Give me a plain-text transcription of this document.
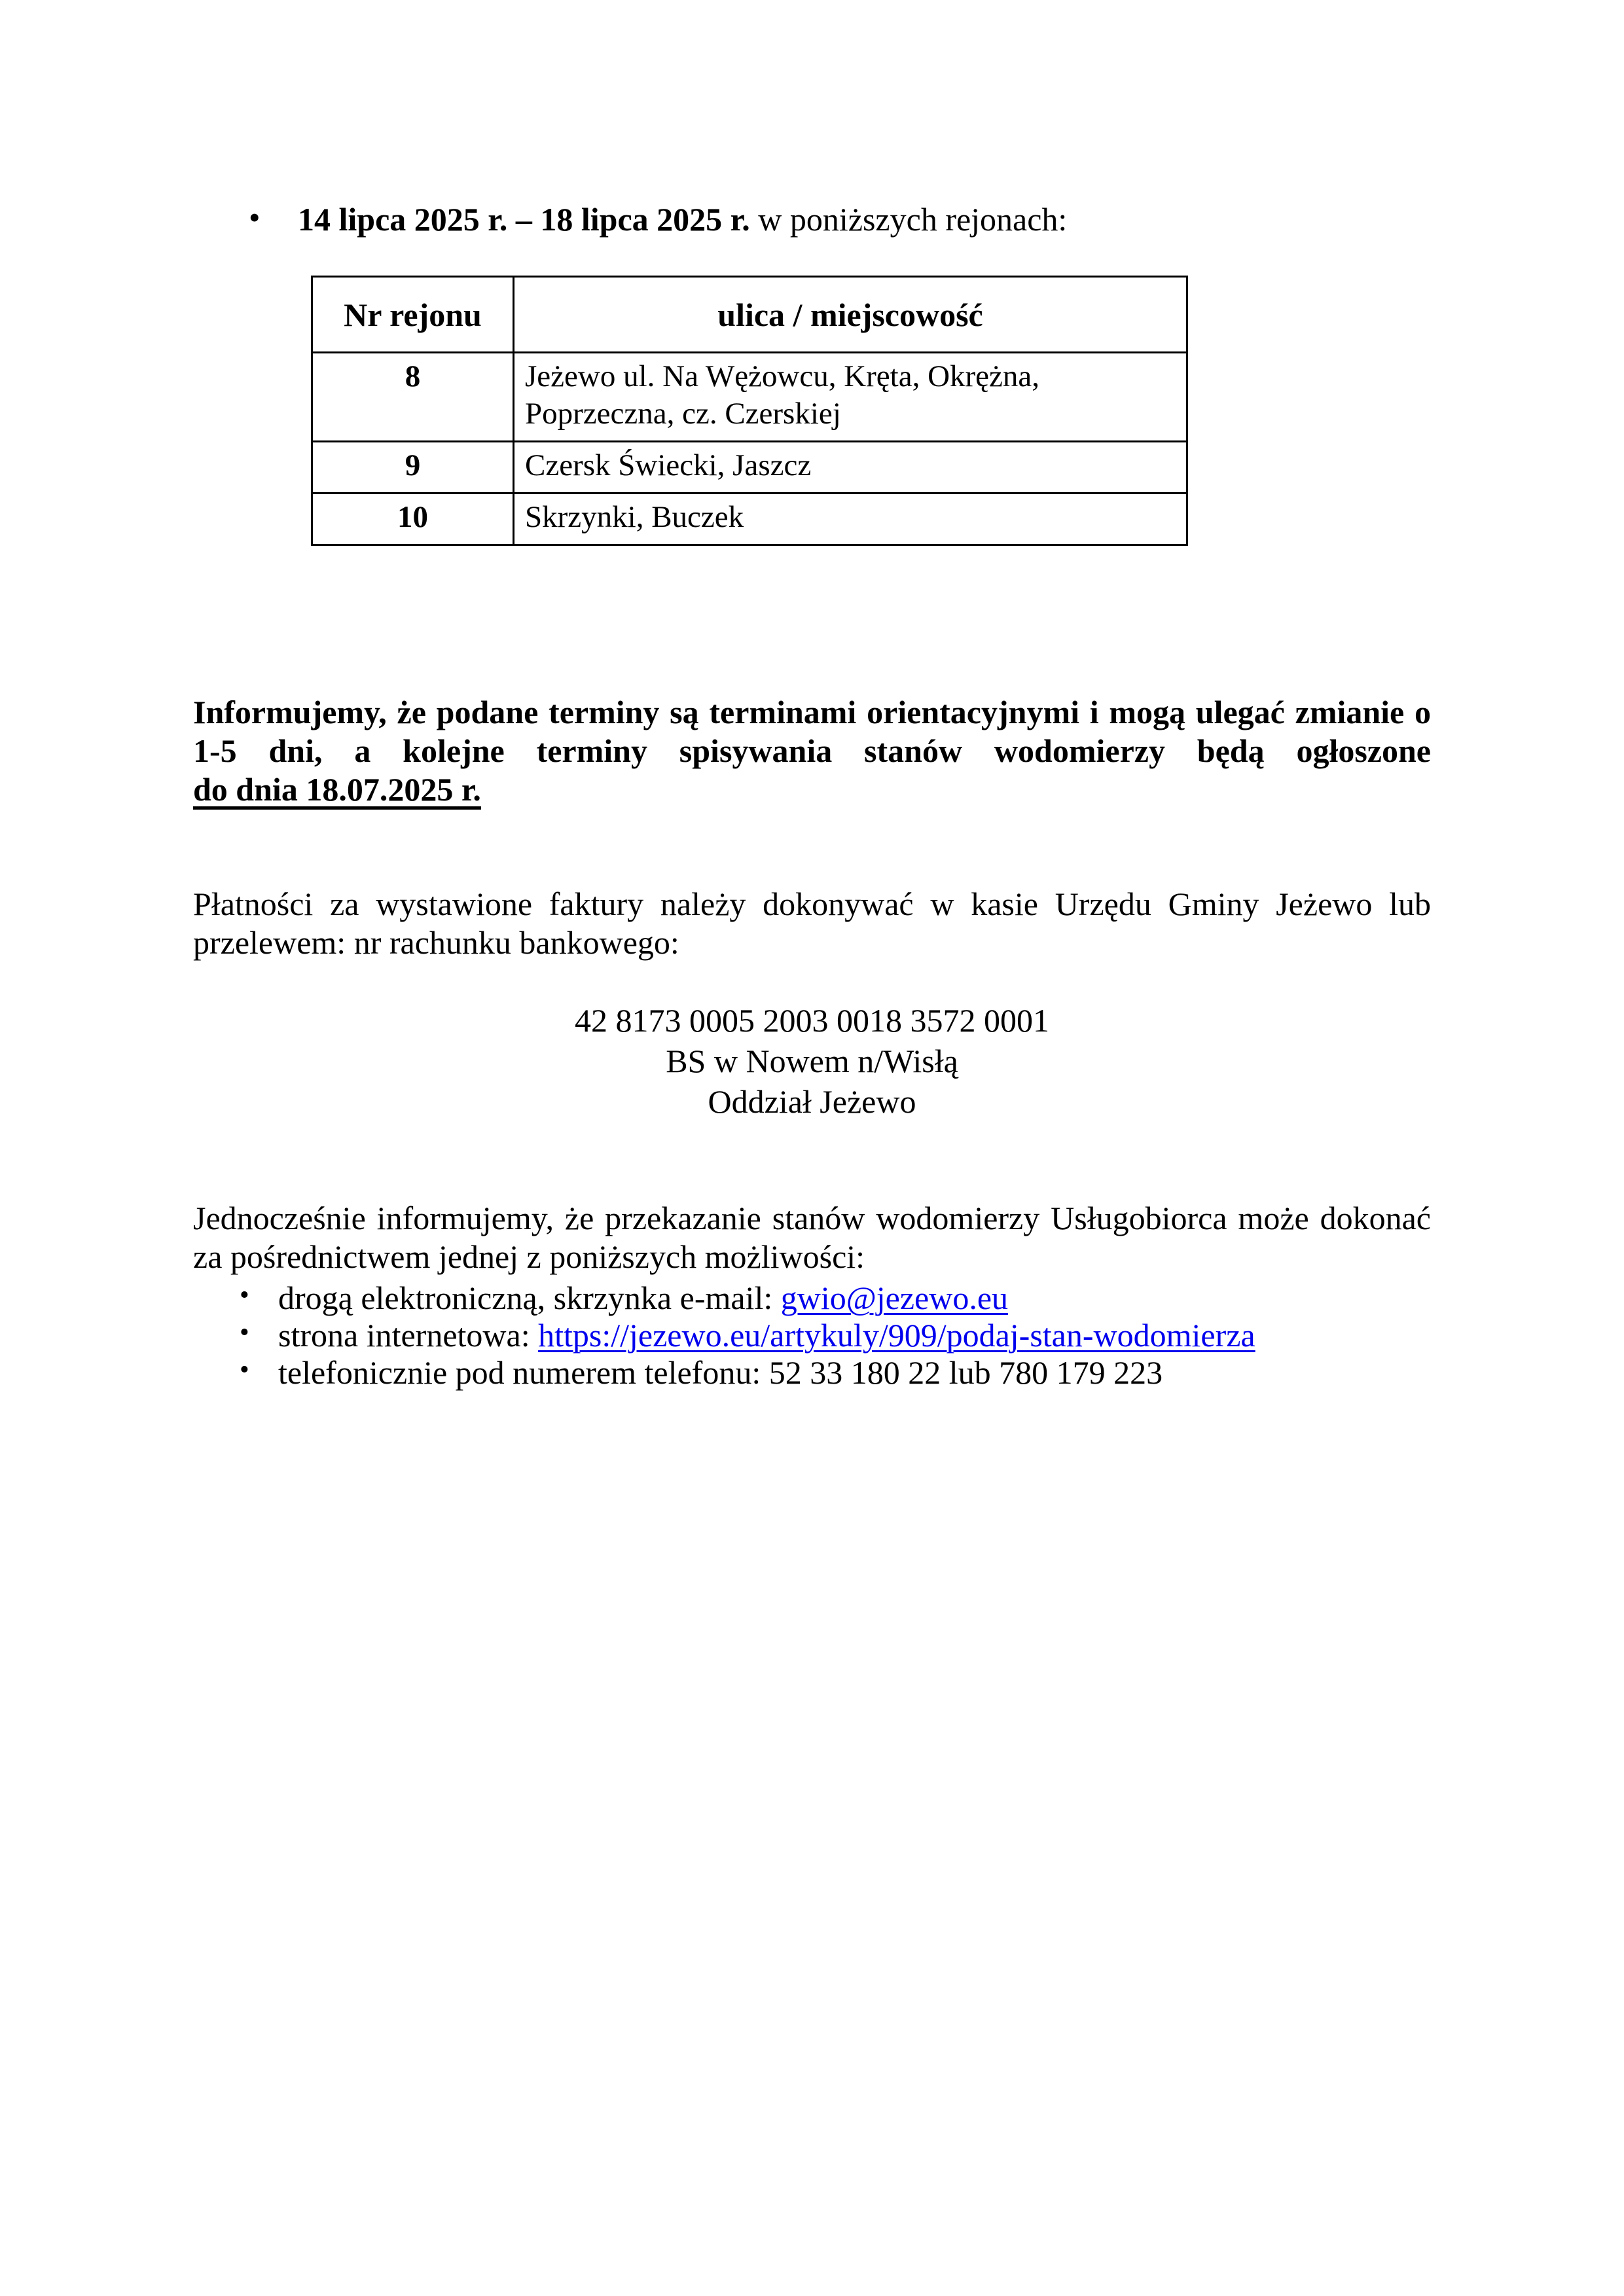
• 14 lipca 2025 r. – 18 lipca 2025 r. w poniższych rejonach:
Nr rejonu	ulica / miejscowość
8	Jeżewo ul. Na Wężowcu, Kręta, Okrężna, Poprzeczna, cz. Czerskiej
9	Czersk Świecki, Jaszcz
10	Skrzynki, Buczek
Informujemy, że podane terminy są terminami orientacyjnymi i mogą ulegać zmianie o
1-5 dni, a kolejne terminy spisywania stanów wodomierzy będą ogłoszone
do dnia 18.07.2025 r.
Płatności za wystawione faktury należy dokonywać w kasie Urzędu Gminy Jeżewo lub
przelewem: nr rachunku bankowego:
42 8173 0005 2003 0018 3572 0001
BS w Nowem n/Wisłą
Oddział Jeżewo
Jednocześnie informujemy, że przekazanie stanów wodomierzy Usługobiorca może dokonać
za pośrednictwem jednej z poniższych możliwości:
• drogą elektroniczną, skrzynka e-mail: gwio@jezewo.eu
• strona internetowa: https://jezewo.eu/artykuly/909/podaj-stan-wodomierza
• telefonicznie pod numerem telefonu: 52 33 180 22 lub 780 179 223
